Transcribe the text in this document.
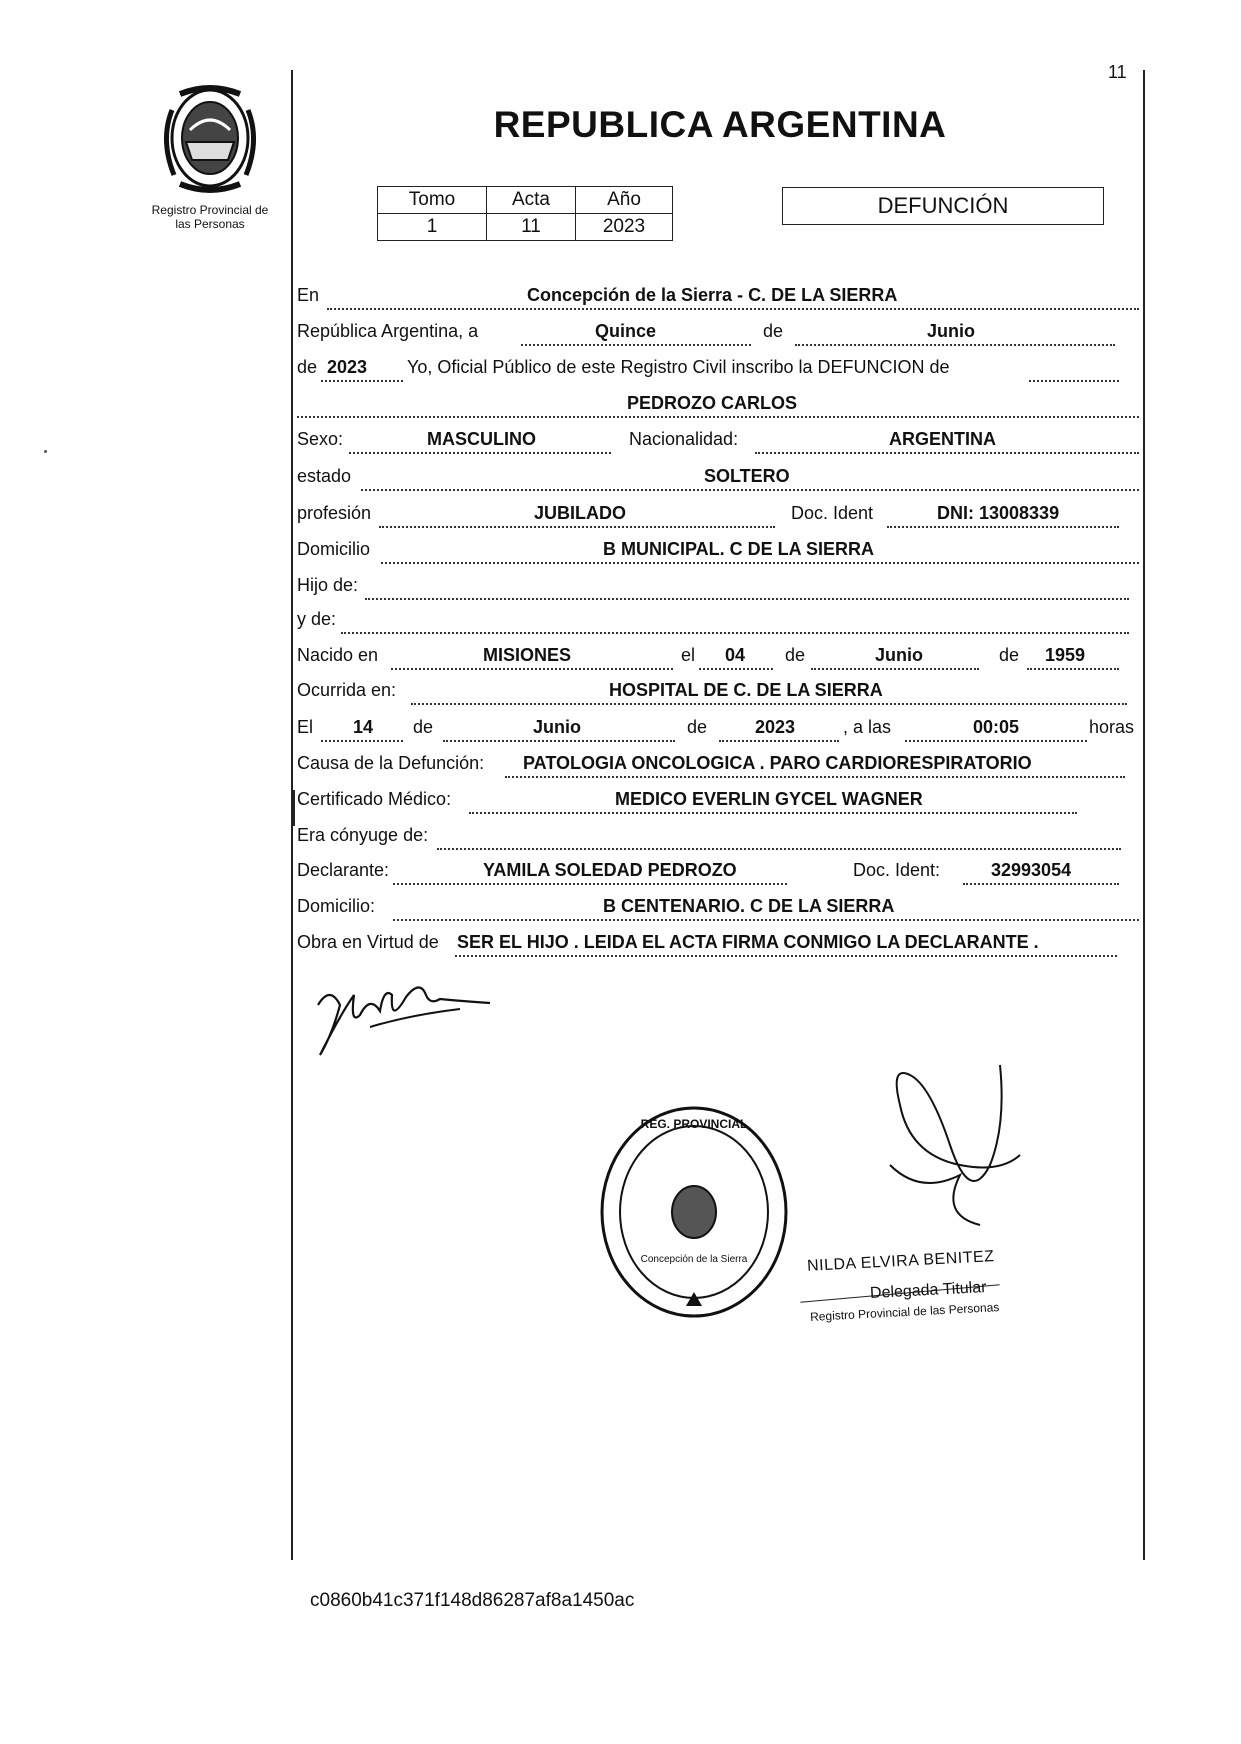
11
Registro Provincial de
las Personas
REPUBLICA ARGENTINA
Tomo	Acta	Año
1	11	2023
DEFUNCIÓN
En	Concepción de la Sierra - C. DE LA SIERRA
República Argentina, a	Quince	de	Junio
de 2023 Yo, Oficial Público de este Registro Civil inscribo la DEFUNCION de
PEDROZO CARLOS
Sexo:	MASCULINO	Nacionalidad:	ARGENTINA
estado	SOLTERO
profesión	JUBILADO	Doc. Ident	DNI: 13008339
Domicilio	B MUNICIPAL. C DE LA SIERRA
Hijo de:
y de:
Nacido en	MISIONES	el 04 de	Junio	de 1959
Ocurrida en:	HOSPITAL DE C. DE LA SIERRA
El 14 de	Junio	de	2023	, a las	00:05	horas
Causa de la Defunción: PATOLOGIA ONCOLOGICA . PARO CARDIORESPIRATORIO
Certificado Médico:	MEDICO EVERLIN GYCEL WAGNER
Era cónyuge de:
Declarante:	YAMILA SOLEDAD PEDROZO	Doc. Ident:	32993054
Domicilio:	B CENTENARIO. C DE LA SIERRA
Obra en Virtud de SER EL HIJO . LEIDA EL ACTA FIRMA CONMIGO LA DECLARANTE .
REG. PROVINCIAL
Concepción de la Sierra	NILDA ELVIRA BENITEZ
Delegada Titular
Registro Provincial de las Personas
c0860b41c371f148d86287af8a1450ac
